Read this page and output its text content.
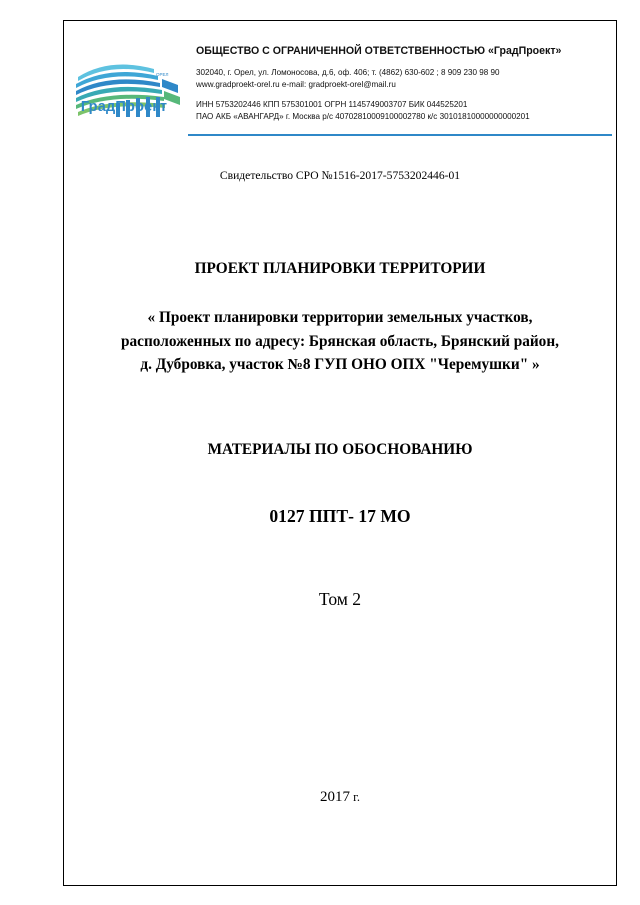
ОРЕЛ
ГрадПроект
ОБЩЕСТВО С ОГРАНИЧЕННОЙ ОТВЕТСТВЕННОСТЬЮ «ГрадПроект»
302040, г. Орел, ул. Ломоносова, д.6, оф. 406; т. (4862) 630-602 ; 8 909 230 98 90
www.gradproekt-orel.ru e-mail: gradproekt-orel@mail.ru
ИНН 5753202446 КПП 575301001 ОГРН 1145749003707 БИК 044525201
ПАО АКБ «АВАНГАРД» г. Москва р/с 40702810009100002780 к/с 30101810000000000201
Свидетельство СРО №1516-2017-5753202446-01
ПРОЕКТ ПЛАНИРОВКИ ТЕРРИТОРИИ
« Проект планировки территории земельных участков,
расположенных по адресу: Брянская область, Брянский район,
д. Дубровка, участок №8 ГУП ОНО ОПХ "Черемушки" »
МАТЕРИАЛЫ ПО ОБОСНОВАНИЮ
0127 ППТ- 17 МО
Том 2
2017 г.
